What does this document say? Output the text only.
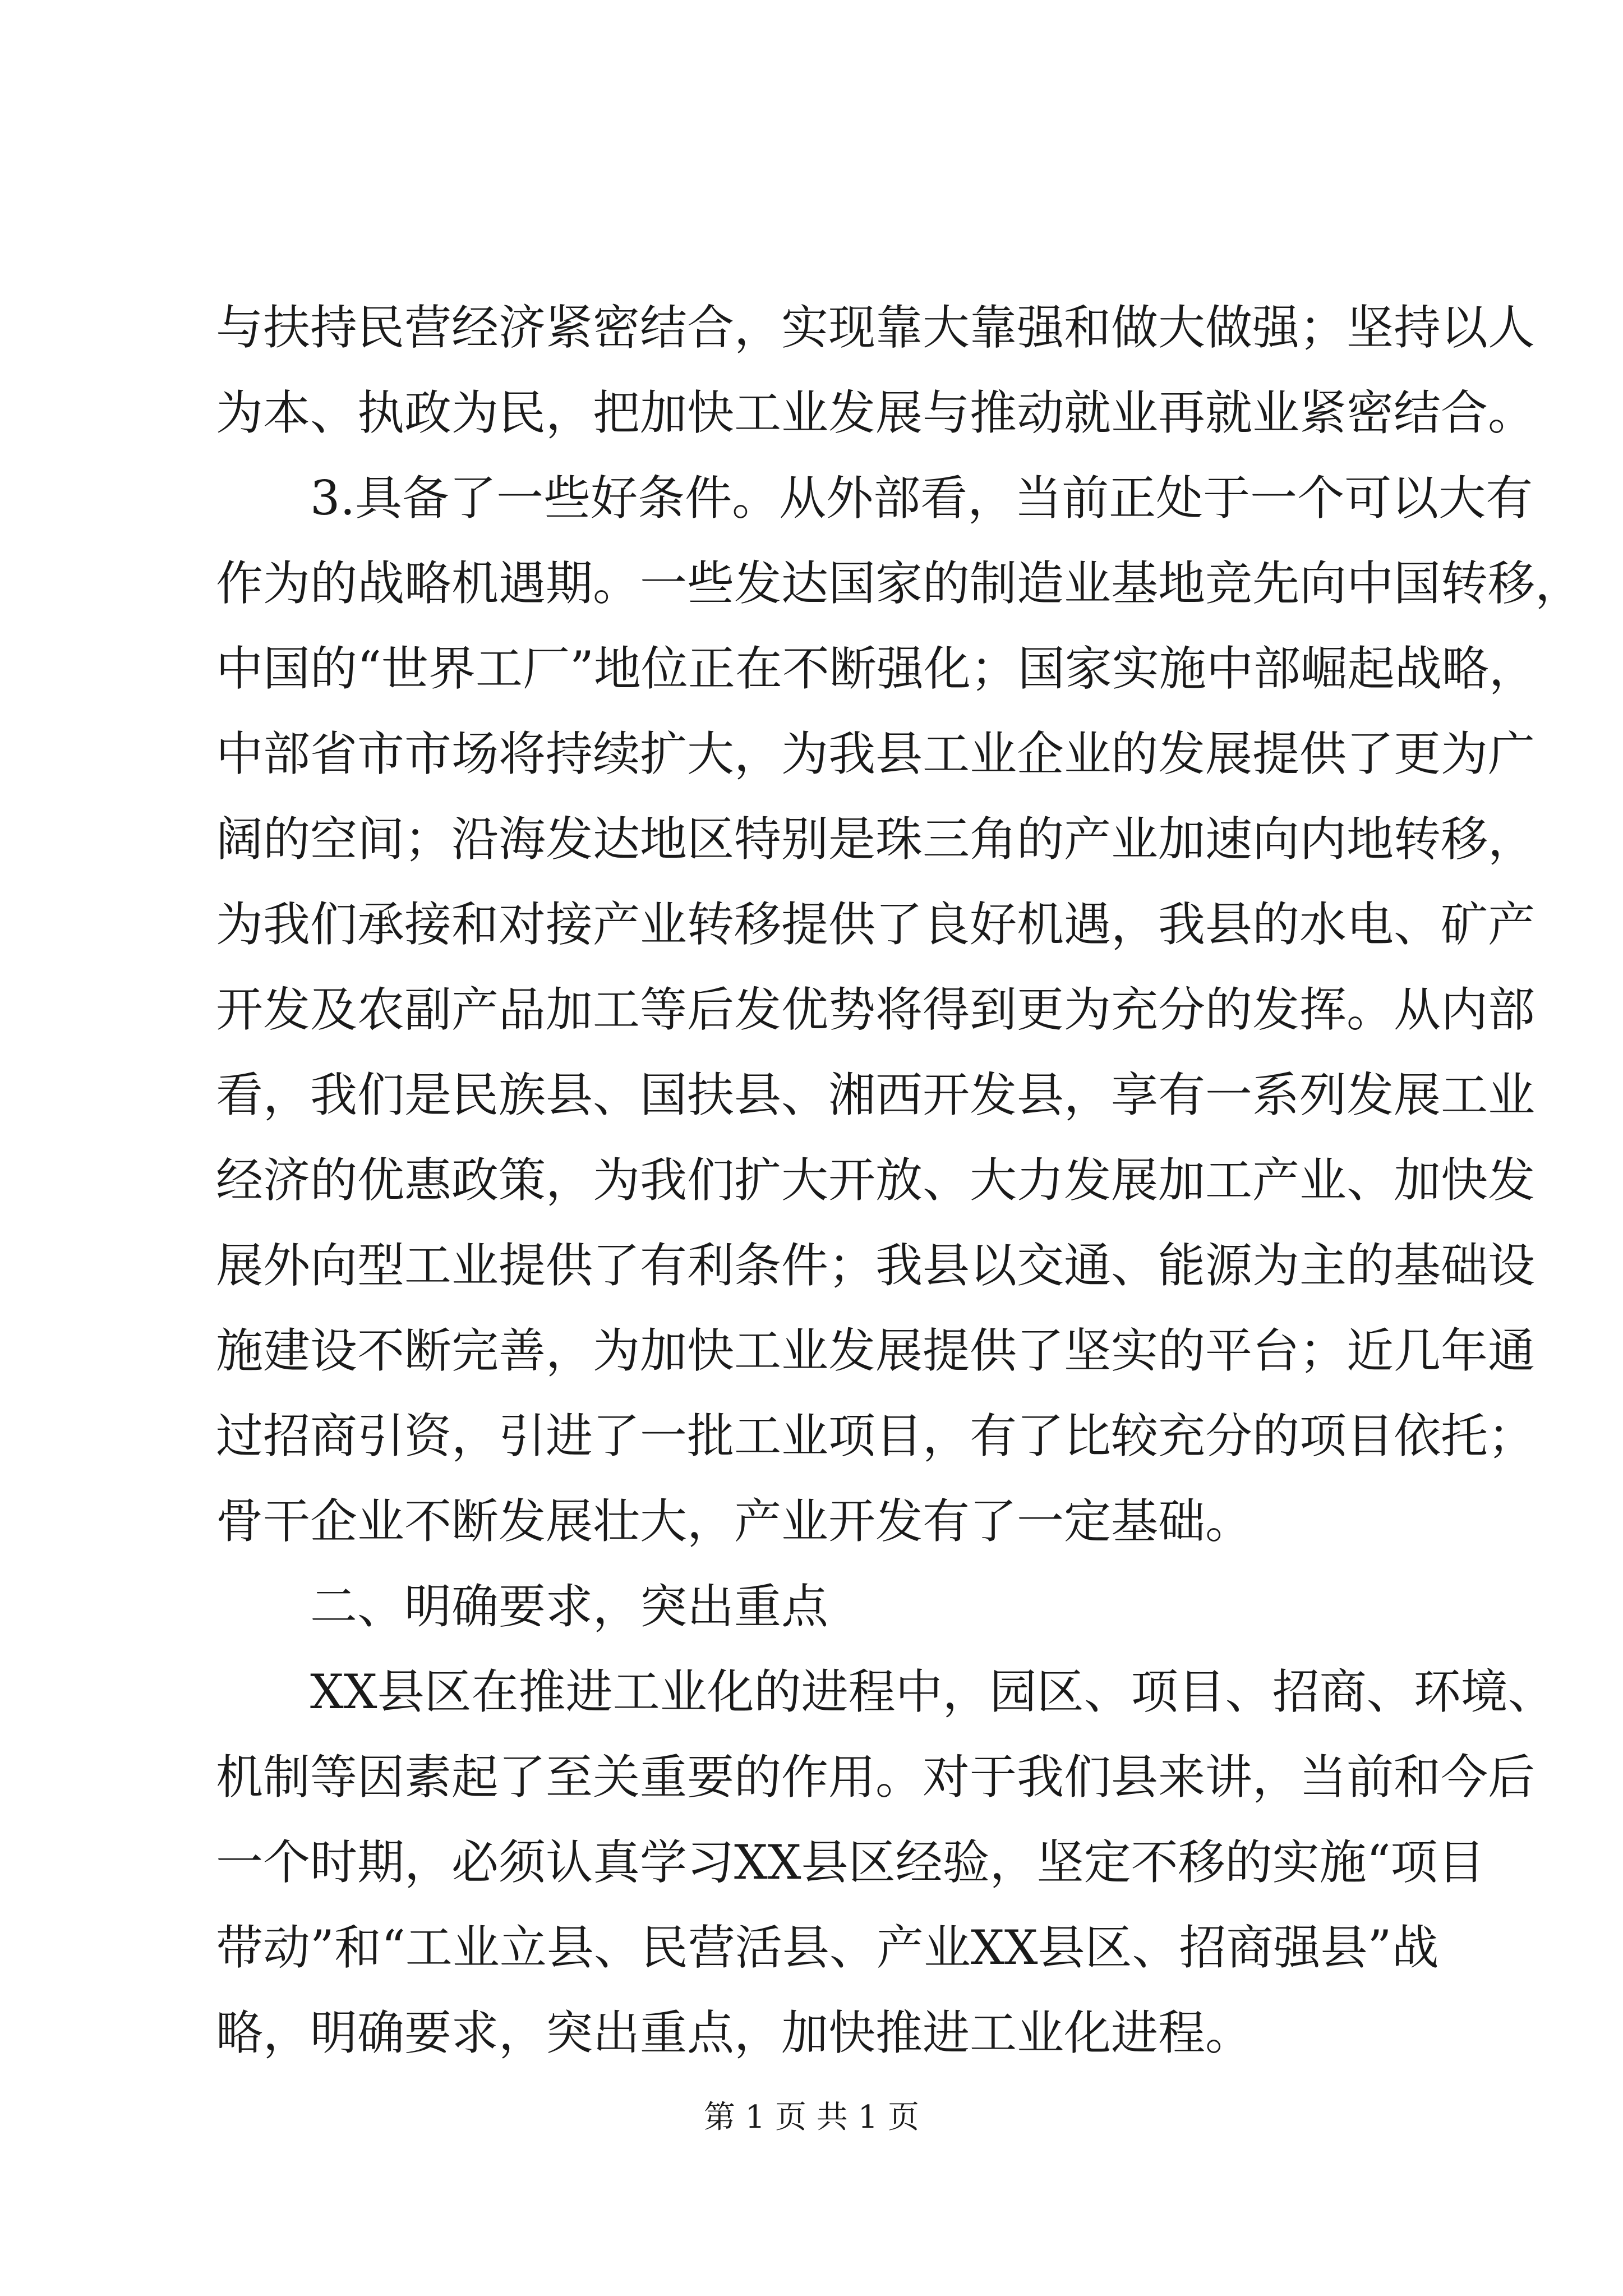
与扶持民营经济紧密结合，实现靠大靠强和做大做强；坚持以人
为本、执政为民，把加快工业发展与推动就业再就业紧密结合。
3.具备了一些好条件。从外部看，当前正处于一个可以大有
作为的战略机遇期。一些发达国家的制造业基地竞先向中国转移，
中国的“世界工厂”地位正在不断强化；国家实施中部崛起战略，
中部省市市场将持续扩大，为我县工业企业的发展提供了更为广
阔的空间；沿海发达地区特别是珠三角的产业加速向内地转移，
为我们承接和对接产业转移提供了良好机遇，我县的水电、矿产
开发及农副产品加工等后发优势将得到更为充分的发挥。从内部
看，我们是民族县、国扶县、湘西开发县，享有一系列发展工业
经济的优惠政策，为我们扩大开放、大力发展加工产业、加快发
展外向型工业提供了有利条件；我县以交通、能源为主的基础设
施建设不断完善，为加快工业发展提供了坚实的平台；近几年通
过招商引资，引进了一批工业项目，有了比较充分的项目依托；
骨干企业不断发展壮大，产业开发有了一定基础。
二、明确要求，突出重点
XX县区在推进工业化的进程中，园区、项目、招商、环境、
机制等因素起了至关重要的作用。对于我们县来讲，当前和今后
一个时期，必须认真学习XX县区经验，坚定不移的实施“项目
带动”和“工业立县、民营活县、产业XX县区、招商强县”战
略，明确要求，突出重点，加快推进工业化进程。
第 1 页 共 1 页
